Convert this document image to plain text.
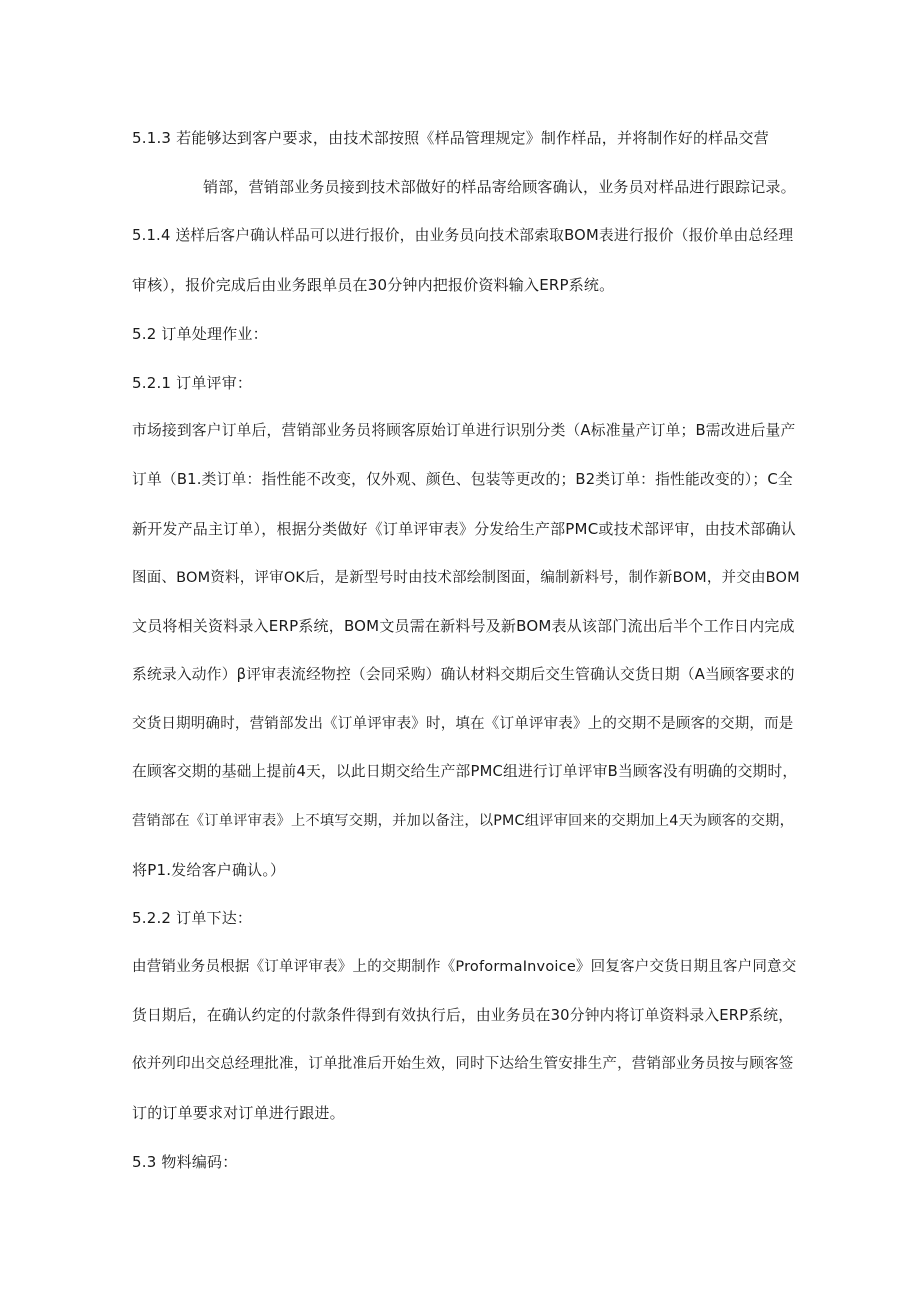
5.1.3 若能够达到客户要求，由技术部按照《样品管理规定》制作样品，并将制作好的样品交营
销部，营销部业务员接到技术部做好的样品寄给顾客确认，业务员对样品进行跟踪记录。
5.1.4 送样后客户确认样品可以进行报价，由业务员向技术部索取BOM表进行报价（报价单由总经理
审核），报价完成后由业务跟单员在30分钟内把报价资料输入ERP系统。
5.2 订单处理作业：
5.2.1 订单评审：
市场接到客户订单后，营销部业务员将顾客原始订单进行识别分类（A标准量产订单；B需改进后量产
订单（B1.类订单：指性能不改变，仅外观、颜色、包装等更改的；B2类订单：指性能改变的）；C全
新开发产品主订单），根据分类做好《订单评审表》分发给生产部PMC或技术部评审，由技术部确认
图面、BOM资料，评审OK后，是新型号时由技术部绘制图面，编制新料号，制作新BOM，并交由BOM
文员将相关资料录入ERP系统，BOM文员需在新料号及新BOM表从该部门流出后半个工作日内完成
系统录入动作）β评审表流经物控（会同采购）确认材料交期后交生管确认交货日期（A当顾客要求的
交货日期明确时，营销部发出《订单评审表》时，填在《订单评审表》上的交期不是顾客的交期，而是
在顾客交期的基础上提前4天，以此日期交给生产部PMC组进行订单评审B当顾客没有明确的交期时，
营销部在《订单评审表》上不填写交期，并加以备注，以PMC组评审回来的交期加上4天为顾客的交期，
将P1.发给客户确认。）
5.2.2 订单下达：
由营销业务员根据《订单评审表》上的交期制作《ProformaInvoice》回复客户交货日期且客户同意交
货日期后，在确认约定的付款条件得到有效执行后，由业务员在30分钟内将订单资料录入ERP系统，
依并列印出交总经理批准，订单批准后开始生效，同时下达给生管安排生产，营销部业务员按与顾客签
订的订单要求对订单进行跟进。
5.3 物料编码：
